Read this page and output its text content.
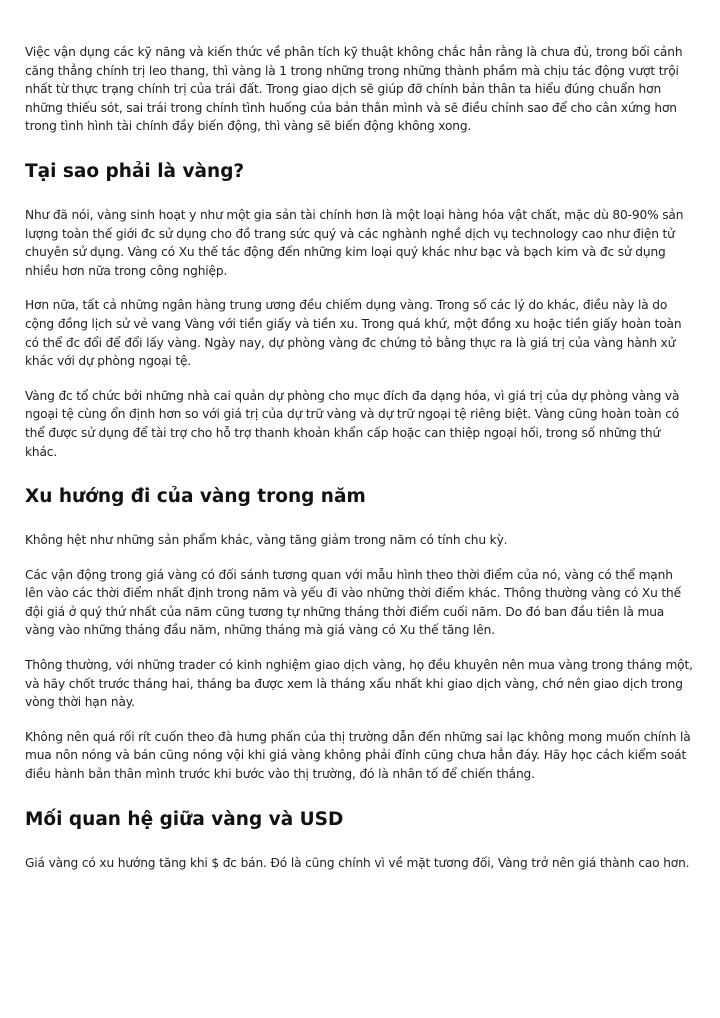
Việc vận dụng các kỹ năng và kiến thức về phân tích kỹ thuật không chắc hẳn rằng là chưa đủ, trong bối cảnh căng thẳng chính trị leo thang, thì vàng là 1 trong những trong những thành phầm mà chịu tác động vượt trội nhất từ thực trạng chính trị của trái đất. Trong giao dịch sẽ giúp đỡ chính bản thân ta hiểu đúng chuẩn hơn những thiếu sót, sai trái trong chính tình huống của bản thân mình và sẽ điều chỉnh sao để cho cân xứng hơn trong tình hình tài chính đầy biến động, thì vàng sẽ biến động không xong.

Tại sao phải là vàng?

Như đã nói, vàng sinh hoạt y như một gia sản tài chính hơn là một loại hàng hóa vật chất, mặc dù 80-90% sản lượng toàn thế giới đc sử dụng cho đồ trang sức quý và các nghành nghề dịch vụ technology cao như điện tử chuyên sử dụng. Vàng có Xu thế tác động đến những kim loại quý khác như bạc và bạch kim và đc sử dụng nhiều hơn nữa trong công nghiệp.

Hơn nữa, tất cả những ngân hàng trung ương đều chiếm dụng vàng. Trong số các lý do khác, điều này là do cộng đồng lịch sử vẻ vang Vàng với tiền giấy và tiền xu. Trong quá khứ, một đồng xu hoặc tiền giấy hoàn toàn có thể đc đổi để đổi lấy vàng. Ngày nay, dự phòng vàng đc chứng tỏ bằng thực ra là giá trị của vàng hành xử khác với dự phòng ngoại tệ.

Vàng đc tổ chức bởi những nhà cai quản dự phòng cho mục đích đa dạng hóa, vì giá trị của dự phòng vàng và ngoại tệ cùng ổn định hơn so với giá trị của dự trữ vàng và dự trữ ngoại tệ riêng biệt. Vàng cũng hoàn toàn có thể được sử dụng để tài trợ cho hỗ trợ thanh khoản khẩn cấp hoặc can thiệp ngoại hối, trong số những thứ khác.

Xu hướng đi của vàng trong năm

Không hệt như những sản phẩm khác, vàng tăng giảm trong năm có tính chu kỳ.

Các vận động trong giá vàng có đối sánh tương quan với mẫu hình theo thời điểm của nó, vàng có thể mạnh lên vào các thời điểm nhất định trong năm và yếu đi vào những thời điểm khác. Thông thường vàng có Xu thế đội giá ở quý thứ nhất của năm cũng tương tự những tháng thời điểm cuối năm. Do đó ban đầu tiên là mua vàng vào những tháng đầu năm, những tháng mà giá vàng có Xu thế tăng lên.

Thông thường, với những trader có kinh nghiệm giao dịch vàng, họ đều khuyên nên mua vàng trong tháng một, và hãy chốt trước tháng hai, tháng ba được xem là tháng xấu nhất khi giao dịch vàng, chớ nên giao dịch trong vòng thời hạn này.

Không nên quá rối rít cuốn theo đà hưng phấn của thị trường dẫn đến những sai lạc không mong muốn chính là mua nôn nóng và bán cũng nóng vội khi giá vàng không phải đỉnh cũng chưa hẳn đáy. Hãy học cách kiểm soát điều hành bản thân mình trước khi bước vào thị trường, đó là nhân tố để chiến thắng.

Mối quan hệ giữa vàng và USD

Giá vàng có xu hướng tăng khi $ đc bán. Đó là cũng chính vì về mặt tương đối, Vàng trở nên giá thành cao hơn.
